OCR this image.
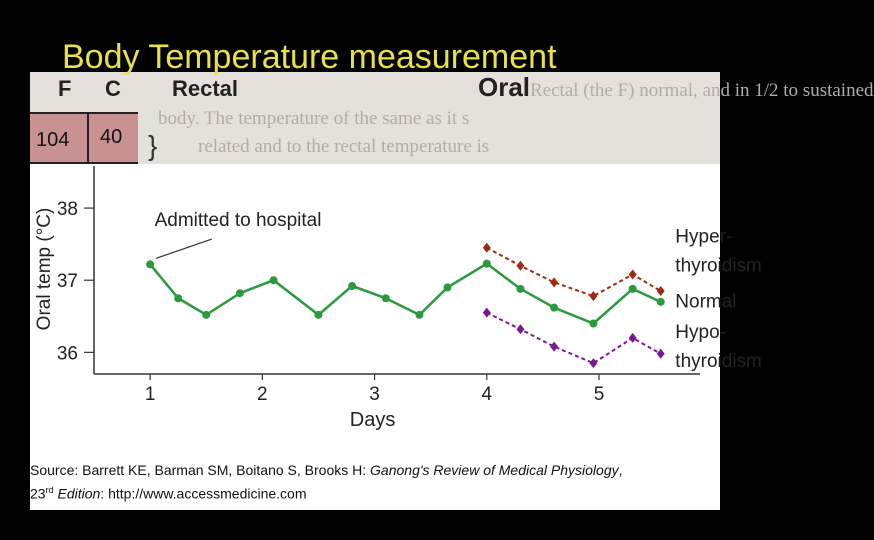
Body Temperature measurement
Rectal (the F) normal, and in 1/2 to sustained
body. The temperature of the same as it s
related and to the rectal temperature is
F C Rectal	Oral
104 40 }
36
37
38
1	2	3	4	5
Days
Oral temp (°C)	Admitted to hospital
Hyper-
thyroidism
Normal
Hypo-
thyroidism
Source: Barrett KE, Barman SM, Boitano S, Brooks H: Ganong's Review of Medical Physiology,
23rd Edition: http://www.accessmedicine.com
